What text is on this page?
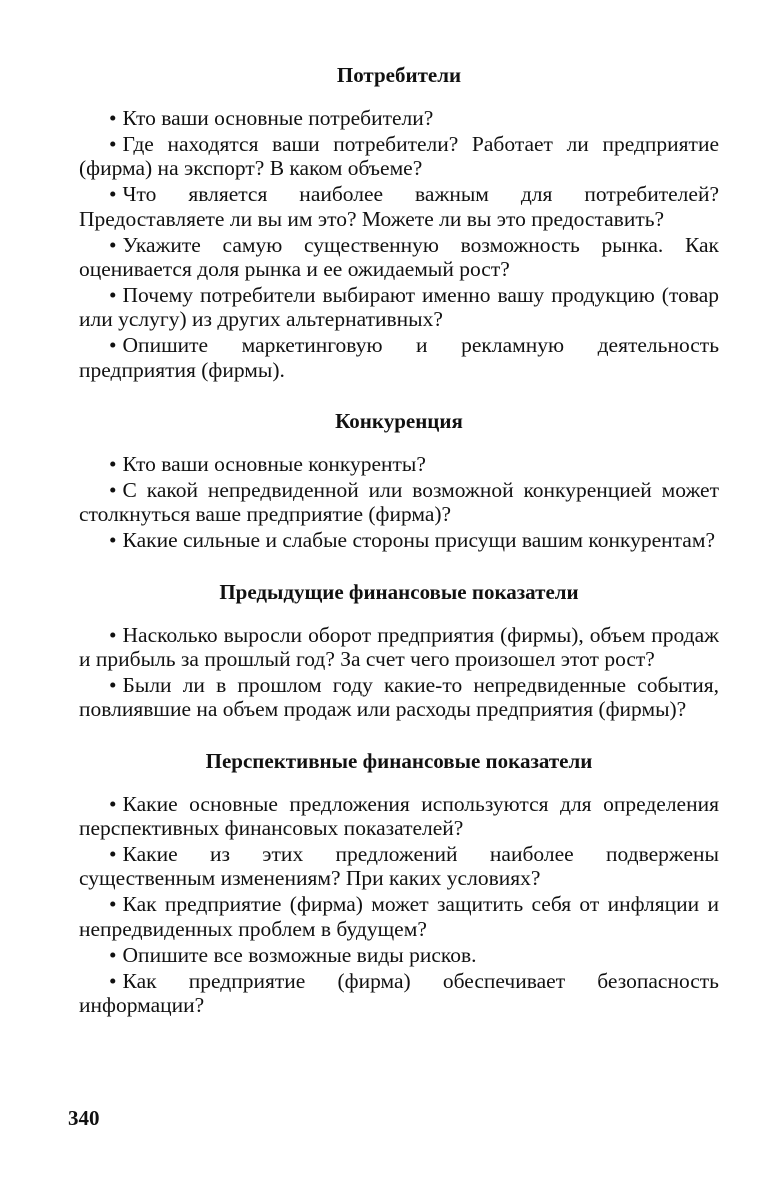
Потребители

• Кто ваши основные потребители?

• Где находятся ваши потребители? Работает ли предприятие (фирма) на экспорт? В каком объеме?

• Что является наиболее важным для потребителей? Предоставляете ли вы им это? Можете ли вы это предоставить?

• Укажите самую существенную возможность рынка. Как оценивается доля рынка и ее ожидаемый рост?

• Почему потребители выбирают именно вашу продукцию (товар или услугу) из других альтернативных?

• Опишите маркетинговую и рекламную деятельность предприятия (фирмы).

Конкуренция

• Кто ваши основные конкуренты?

• С какой непредвиденной или возможной конкуренцией может столкнуться ваше предприятие (фирма)?

• Какие сильные и слабые стороны присущи вашим конкурентам?

Предыдущие финансовые показатели

• Насколько выросли оборот предприятия (фирмы), объем продаж и прибыль за прошлый год? За счет чего произошел этот рост?

• Были ли в прошлом году какие-то непредвиденные события, повлиявшие на объем продаж или расходы предприятия (фирмы)?

Перспективные финансовые показатели

• Какие основные предложения используются для определения перспективных финансовых показателей?

• Какие из этих предложений наиболее подвержены существенным изменениям? При каких условиях?

• Как предприятие (фирма) может защитить себя от инфляции и непредвиденных проблем в будущем?

• Опишите все возможные виды рисков.

• Как предприятие (фирма) обеспечивает безопасность информации?

340
